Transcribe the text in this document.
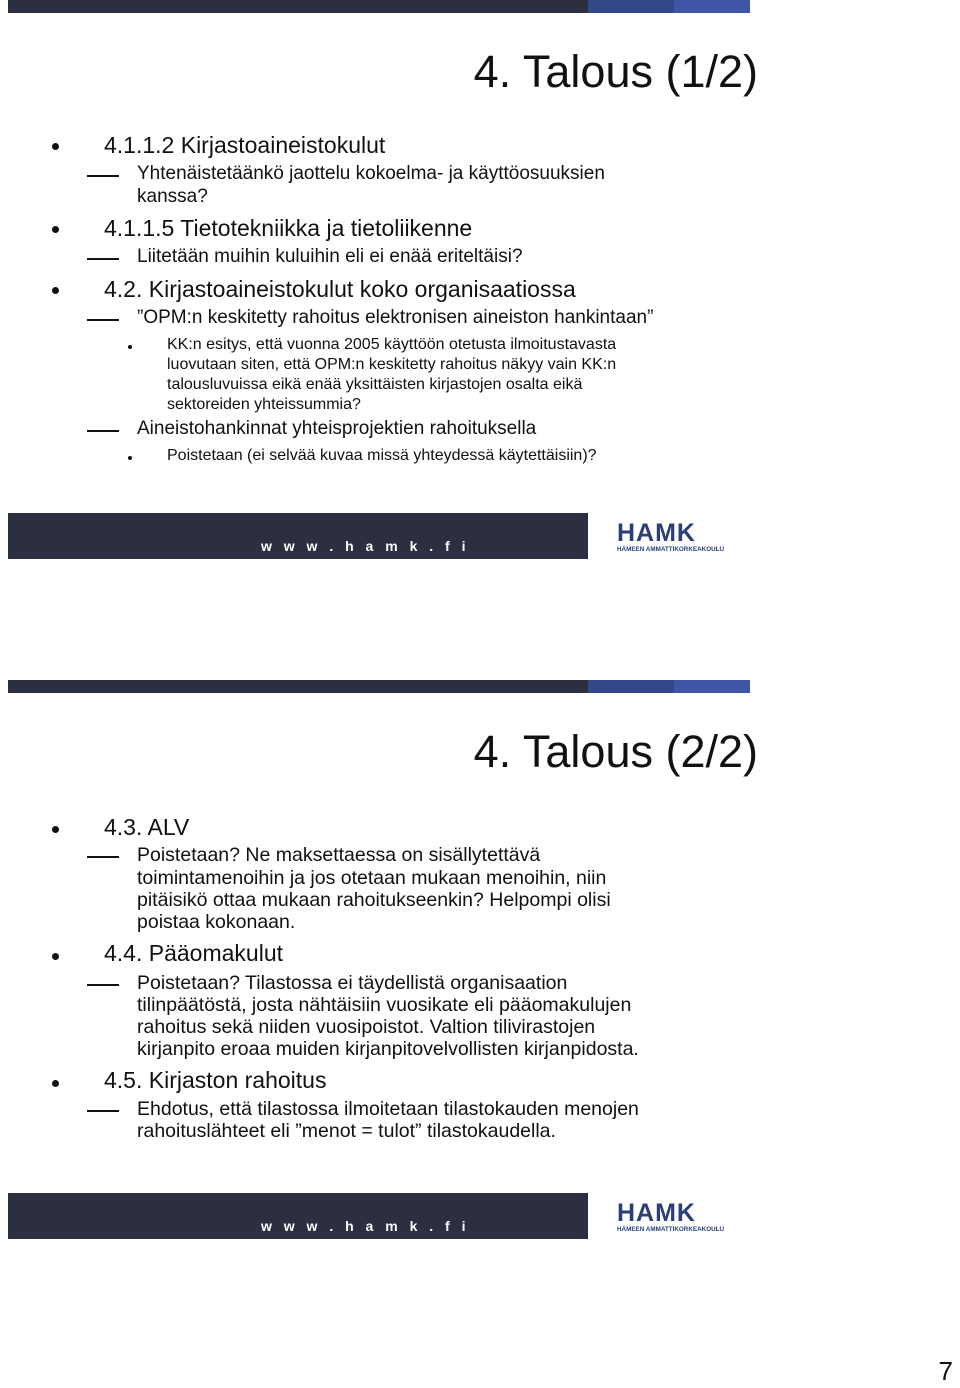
4. Talous (1/2)
4.1.1.2 Kirjastoaineistokulut
Yhtenäistetäänkö jaottelu kokoelma- ja käyttöosuuksien
kanssa?
4.1.1.5 Tietotekniikka ja tietoliikenne
Liitetään muihin kuluihin eli ei enää eriteltäisi?
4.2. Kirjastoaineistokulut koko organisaatiossa
”OPM:n keskitetty rahoitus elektronisen aineiston hankintaan”
KK:n esitys, että vuonna 2005 käyttöön otetusta ilmoitustavasta
luovutaan siten, että OPM:n keskitetty rahoitus näkyy vain KK:n
talousluvuissa eikä enää yksittäisten kirjastojen osalta eikä
sektoreiden yhteissummia?
Aineistohankinnat yhteisprojektien rahoituksella
Poistetaan (ei selvää kuvaa missä yhteydessä käytettäisiin)?
w w w . h a m k . f i	HAMK
HÄMEEN AMMATTIKORKEAKOULU
4. Talous (2/2)
4.3. ALV
Poistetaan? Ne maksettaessa on sisällytettävä
toimintamenoihin ja jos otetaan mukaan menoihin, niin
pitäisikö ottaa mukaan rahoitukseenkin? Helpompi olisi
poistaa kokonaan.
4.4. Pääomakulut
Poistetaan? Tilastossa ei täydellistä organisaation
tilinpäätöstä, josta nähtäisiin vuosikate eli pääomakulujen
rahoitus sekä niiden vuosipoistot. Valtion tilivirastojen
kirjanpito eroaa muiden kirjanpitovelvollisten kirjanpidosta.
4.5. Kirjaston rahoitus
Ehdotus, että tilastossa ilmoitetaan tilastokauden menojen
rahoituslähteet eli ”menot = tulot” tilastokaudella.
w w w . h a m k . f i	HAMK
HÄMEEN AMMATTIKORKEAKOULU
7
